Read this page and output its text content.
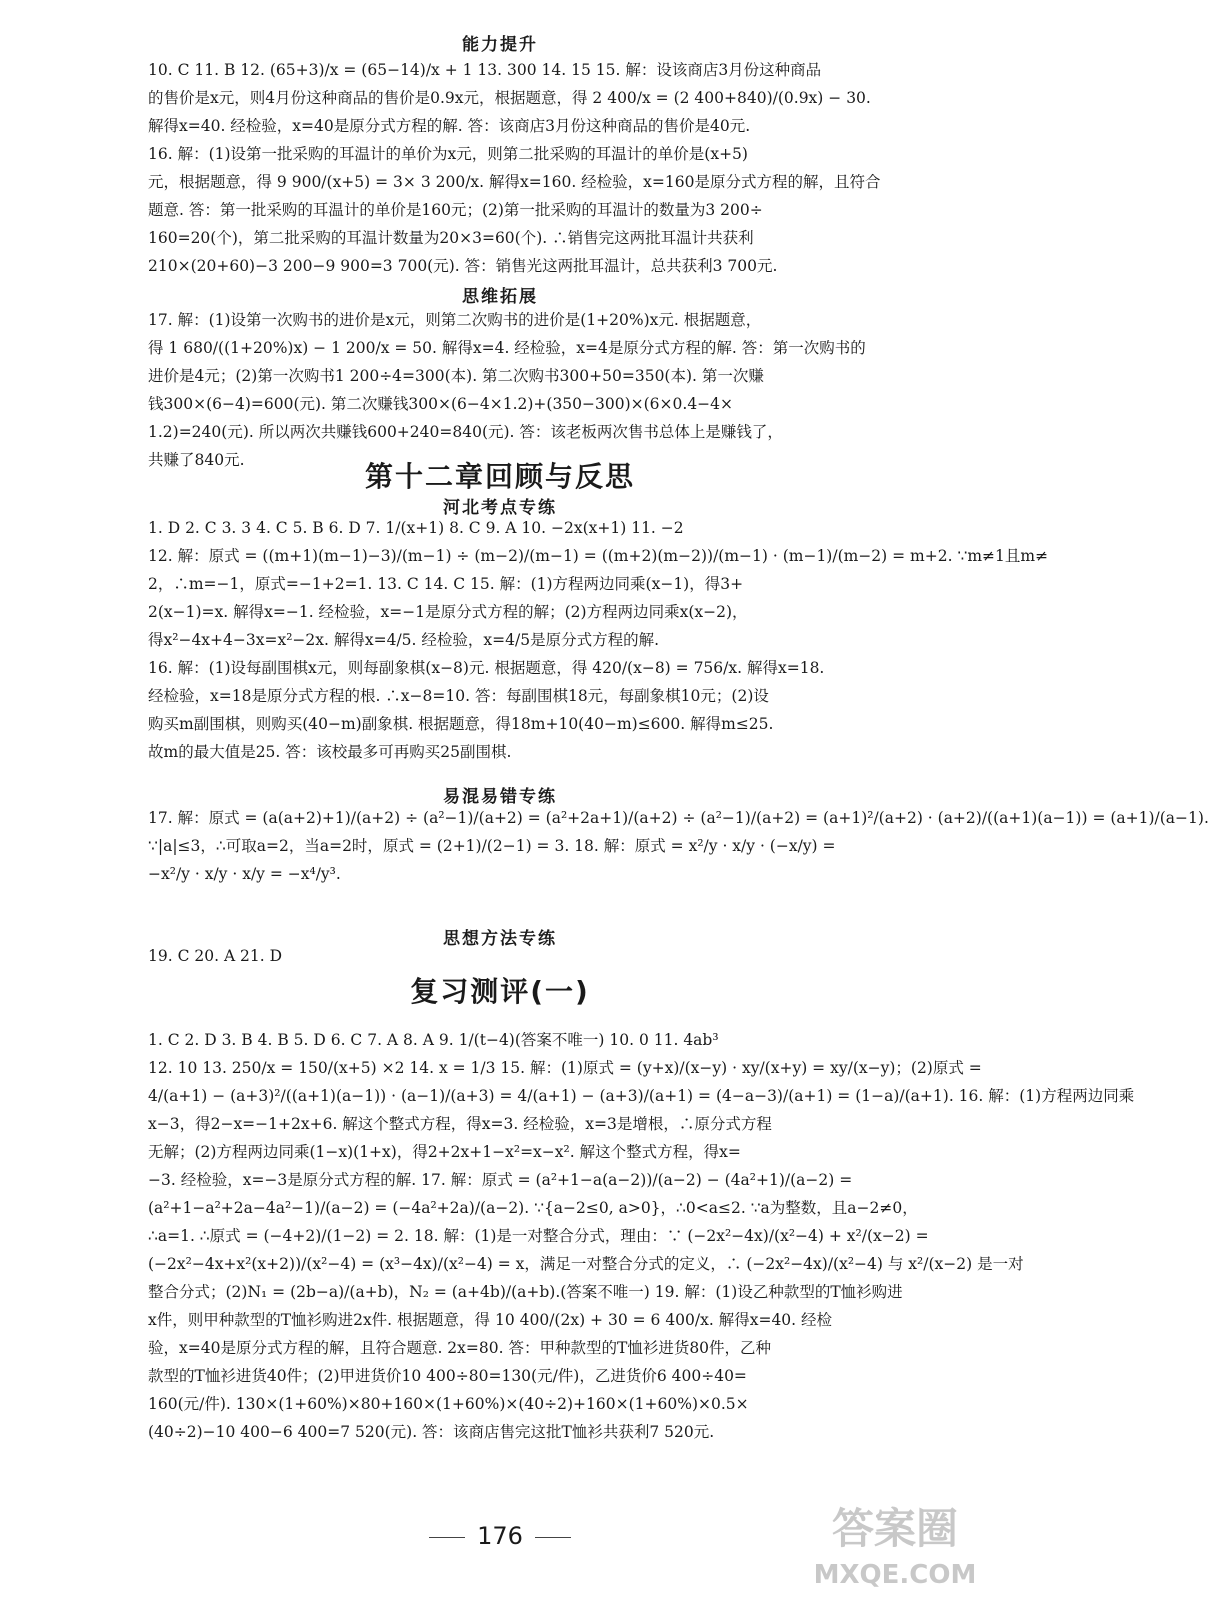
能力提升
10. C 11. B 12. (65+3)/x = (65−14)/x + 1 13. 300 14. 15 15. 解：设该商店3月份这种商品
的售价是x元，则4月份这种商品的售价是0.9x元，根据题意，得 2 400/x = (2 400+840)/(0.9x) − 30.
解得x=40. 经检验，x=40是原分式方程的解. 答：该商店3月份这种商品的售价是40元.
16. 解：(1)设第一批采购的耳温计的单价为x元，则第二批采购的耳温计的单价是(x+5)
元，根据题意，得 9 900/(x+5) = 3× 3 200/x. 解得x=160. 经检验，x=160是原分式方程的解，且符合
题意. 答：第一批采购的耳温计的单价是160元；(2)第一批采购的耳温计的数量为3 200÷
160=20(个)，第二批采购的耳温计数量为20×3=60(个). ∴销售完这两批耳温计共获利
210×(20+60)−3 200−9 900=3 700(元). 答：销售光这两批耳温计，总共获利3 700元.
思维拓展
17. 解：(1)设第一次购书的进价是x元，则第二次购书的进价是(1+20%)x元. 根据题意，
得 1 680/((1+20%)x) − 1 200/x = 50. 解得x=4. 经检验，x=4是原分式方程的解. 答：第一次购书的
进价是4元；(2)第一次购书1 200÷4=300(本). 第二次购书300+50=350(本). 第一次赚
钱300×(6−4)=600(元). 第二次赚钱300×(6−4×1.2)+(350−300)×(6×0.4−4×
1.2)=240(元). 所以两次共赚钱600+240=840(元). 答：该老板两次售书总体上是赚钱了，
共赚了840元.	第十二章回顾与反思
河北考点专练
1. D 2. C 3. 3 4. C 5. B 6. D 7. 1/(x+1) 8. C 9. A 10. −2x(x+1) 11. −2
12. 解：原式 = ((m+1)(m−1)−3)/(m−1) ÷ (m−2)/(m−1) = ((m+2)(m−2))/(m−1) · (m−1)/(m−2) = m+2. ∵m≠1且m≠
2，∴m=−1，原式=−1+2=1. 13. C 14. C 15. 解：(1)方程两边同乘(x−1)，得3+
2(x−1)=x. 解得x=−1. 经检验，x=−1是原分式方程的解；(2)方程两边同乘x(x−2)，
得x²−4x+4−3x=x²−2x. 解得x=4/5. 经检验，x=4/5是原分式方程的解.
16. 解：(1)设每副围棋x元，则每副象棋(x−8)元. 根据题意，得 420/(x−8) = 756/x. 解得x=18.
经检验，x=18是原分式方程的根. ∴x−8=10. 答：每副围棋18元，每副象棋10元；(2)设
购买m副围棋，则购买(40−m)副象棋. 根据题意，得18m+10(40−m)≤600. 解得m≤25.
故m的最大值是25. 答：该校最多可再购买25副围棋.
易混易错专练
17. 解：原式 = (a(a+2)+1)/(a+2) ÷ (a²−1)/(a+2) = (a²+2a+1)/(a+2) ÷ (a²−1)/(a+2) = (a+1)²/(a+2) · (a+2)/((a+1)(a−1)) = (a+1)/(a−1).
∵|a|≤3，∴可取a=2，当a=2时，原式 = (2+1)/(2−1) = 3. 18. 解：原式 = x²/y · x/y · (−x/y) =
−x²/y · x/y · x/y = −x⁴/y³.
思想方法专练
19. C 20. A 21. D
复习测评(一)
1. C 2. D 3. B 4. B 5. D 6. C 7. A 8. A 9. 1/(t−4)(答案不唯一) 10. 0 11. 4ab³
12. 10 13. 250/x = 150/(x+5) ×2 14. x = 1/3 15. 解：(1)原式 = (y+x)/(x−y) · xy/(x+y) = xy/(x−y)；(2)原式 =
4/(a+1) − (a+3)²/((a+1)(a−1)) · (a−1)/(a+3) = 4/(a+1) − (a+3)/(a+1) = (4−a−3)/(a+1) = (1−a)/(a+1). 16. 解：(1)方程两边同乘
x−3，得2−x=−1+2x+6. 解这个整式方程，得x=3. 经检验，x=3是增根，∴原分式方程
无解；(2)方程两边同乘(1−x)(1+x)，得2+2x+1−x²=x−x². 解这个整式方程，得x=
−3. 经检验，x=−3是原分式方程的解. 17. 解：原式 = (a²+1−a(a−2))/(a−2) − (4a²+1)/(a−2) =
(a²+1−a²+2a−4a²−1)/(a−2) = (−4a²+2a)/(a−2). ∵{a−2≤0, a>0}，∴0<a≤2. ∵a为整数，且a−2≠0，
∴a=1. ∴原式 = (−4+2)/(1−2) = 2. 18. 解：(1)是一对整合分式，理由：∵ (−2x²−4x)/(x²−4) + x²/(x−2) =
(−2x²−4x+x²(x+2))/(x²−4) = (x³−4x)/(x²−4) = x，满足一对整合分式的定义，∴ (−2x²−4x)/(x²−4) 与 x²/(x−2) 是一对
整合分式；(2)N₁ = (2b−a)/(a+b)，N₂ = (a+4b)/(a+b).(答案不唯一) 19. 解：(1)设乙种款型的T恤衫购进
x件，则甲种款型的T恤衫购进2x件. 根据题意，得 10 400/(2x) + 30 = 6 400/x. 解得x=40. 经检
验，x=40是原分式方程的解，且符合题意. 2x=80. 答：甲种款型的T恤衫进货80件，乙种
款型的T恤衫进货40件；(2)甲进货价10 400÷80=130(元/件)，乙进货价6 400÷40=
160(元/件). 130×(1+60%)×80+160×(1+60%)×(40÷2)+160×(1+60%)×0.5×
(40÷2)−10 400−6 400=7 520(元). 答：该商店售完这批T恤衫共获利7 520元.
176	答案圈
MXQE.COM
